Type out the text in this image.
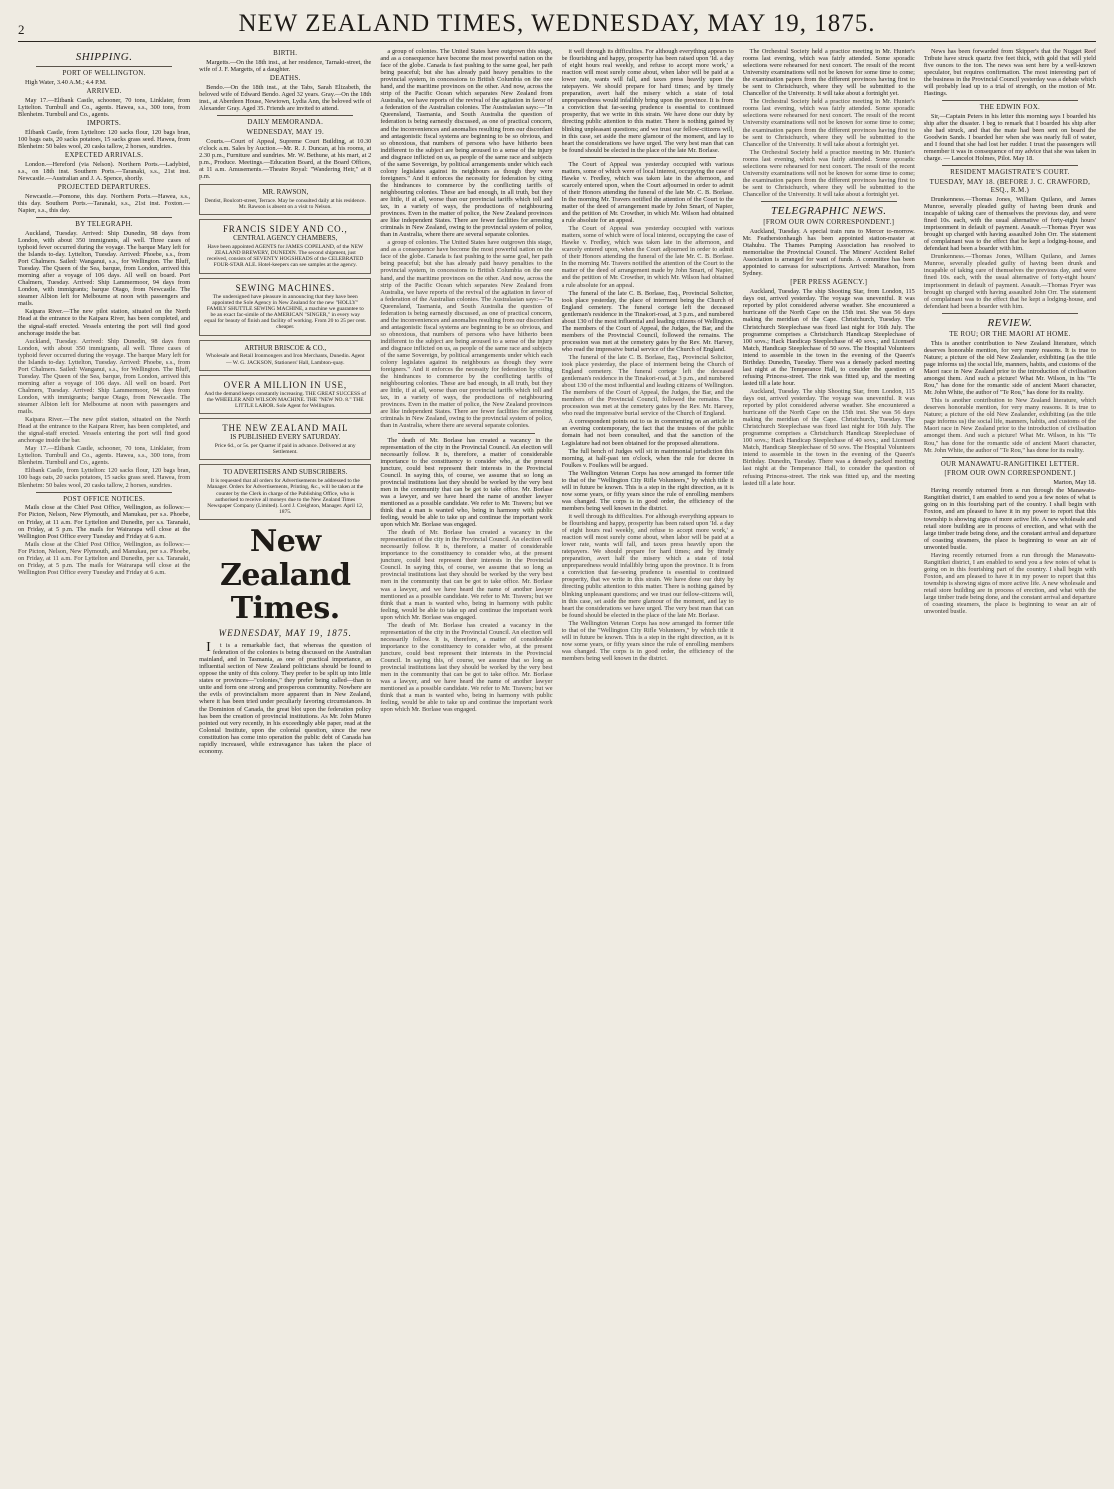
2	NEW ZEALAND TIMES, WEDNESDAY, MAY 19, 1875.
SHIPPING.
PORT OF WELLINGTON.

High Water, 3.40 A.M.; 4.4 P.M.

ARRIVED.

May 17.—Elibank Castle, schooner, 70 tons, Linklater, from Lyttelton. Turnbull and Co., agents. Hawea, s.s., 300 tons, from Blenheim. Turnbull and Co., agents.

IMPORTS.

Elibank Castle, from Lyttelton: 120 sacks flour, 120 bags bran, 100 bags oats, 20 sacks potatoes, 15 sacks grass seed. Hawea, from Blenheim: 50 bales wool, 20 casks tallow, 2 horses, sundries.

EXPECTED ARRIVALS.

London.—Hereford (via Nelson). Northern Ports.—Ladybird, s.s., on 18th inst. Southern Ports.—Taranaki, s.s., 21st inst. Newcastle.—Australian and J. A. Spence, shortly.

PROJECTED DEPARTURES.

Newcastle.—Pomone, this day. Northern Ports.—Hawea, s.s., this day. Southern Ports.—Taranaki, s.s., 21st inst. Foxton.—Napier, s.s., this day.

BY TELEGRAPH.

Auckland, Tuesday. Arrived: Ship Dunedin, 98 days from London, with about 350 immigrants, all well. Three cases of typhoid fever occurred during the voyage. The barque Mary left for the Islands to-day. Lyttelton, Tuesday. Arrived: Phoebe, s.s., from Port Chalmers. Sailed: Wanganui, s.s., for Wellington. The Bluff, Tuesday. The Queen of the Sea, barque, from London, arrived this morning after a voyage of 106 days. All well on board. Port Chalmers, Tuesday. Arrived: Ship Lammermoor, 94 days from London, with immigrants; barque Otago, from Newcastle. The steamer Albion left for Melbourne at noon with passengers and mails.

Kaipara River.—The new pilot station, situated on the North Head at the entrance to the Kaipara River, has been completed, and the signal-staff erected. Vessels entering the port will find good anchorage inside the bar.

Auckland, Tuesday. Arrived: Ship Dunedin, 98 days from London, with about 350 immigrants, all well. Three cases of typhoid fever occurred during the voyage. The barque Mary left for the Islands to-day. Lyttelton, Tuesday. Arrived: Phoebe, s.s., from Port Chalmers. Sailed: Wanganui, s.s., for Wellington. The Bluff, Tuesday. The Queen of the Sea, barque, from London, arrived this morning after a voyage of 106 days. All well on board. Port Chalmers, Tuesday. Arrived: Ship Lammermoor, 94 days from London, with immigrants; barque Otago, from Newcastle. The steamer Albion left for Melbourne at noon with passengers and mails.

Kaipara River.—The new pilot station, situated on the North Head at the entrance to the Kaipara River, has been completed, and the signal-staff erected. Vessels entering the port will find good anchorage inside the bar.

May 17.—Elibank Castle, schooner, 70 tons, Linklater, from Lyttelton. Turnbull and Co., agents. Hawea, s.s., 300 tons, from Blenheim. Turnbull and Co., agents.

Elibank Castle, from Lyttelton: 120 sacks flour, 120 bags bran, 100 bags oats, 20 sacks potatoes, 15 sacks grass seed. Hawea, from Blenheim: 50 bales wool, 20 casks tallow, 2 horses, sundries.

POST OFFICE NOTICES.

Mails close at the Chief Post Office, Wellington, as follows:— For Picton, Nelson, New Plymouth, and Manukau, per s.s. Phoebe, on Friday, at 11 a.m. For Lyttelton and Dunedin, per s.s. Taranaki, on Friday, at 5 p.m. The mails for Wairarapa will close at the Wellington Post Office every Tuesday and Friday at 6 a.m.

Mails close at the Chief Post Office, Wellington, as follows:— For Picton, Nelson, New Plymouth, and Manukau, per s.s. Phoebe, on Friday, at 11 a.m. For Lyttelton and Dunedin, per s.s. Taranaki, on Friday, at 5 p.m. The mails for Wairarapa will close at the Wellington Post Office every Tuesday and Friday at 6 a.m.

BIRTH.

Margetts.—On the 18th inst., at her residence, Tarnaki-street, the wife of J. F. Margetts, of a daughter.

DEATHS.

Bendo.—On the 18th inst., at the Tabs, Sarah Elizabeth, the beloved wife of Edward Bendo. Aged 32 years. Gray.—On the 18th inst., at Aberdeen House, Newtown, Lydia Ann, the beloved wife of Alexander Gray. Aged 35. Friends are invited to attend.

DAILY MEMORANDA.
WEDNESDAY, MAY 19.

Courts.—Court of Appeal, Supreme Court Building, at 10.30 o'clock a.m. Sales by Auction.—Mr. R. J. Duncan, at his rooms, at 2.30 p.m., Furniture and sundries. Mr. W. Bethune, at his mart, at 2 p.m., Produce. Meetings.—Education Board, at the Board Offices, at 11 a.m. Amusements.—Theatre Royal: "Wandering Heir," at 8 p.m.

MR. RAWSON,
Dentist, Boulcott-street, Terrace. May be consulted daily at his residence. Mr. Rawson is absent on a visit to Nelson.
FRANCIS SIDEY AND CO.,
CENTRAL AGENCY CHAMBERS,
Have been appointed AGENTS for JAMES COPELAND, of the NEW ZEALAND BREWERY, DUNEDIN. The second shipment, just received, consists of SEVENTY HOGSHEADS of the CELEBRATED FOUR-STAR ALE. Hotel-keepers can see samples at the agency.
SEWING MACHINES.
The undersigned have pleasure in announcing that they have been appointed the Sole Agency in New Zealand for the new "HOLLY" FAMILY SHUTTLE SEWING MACHINE, a machine we guarantee to be an exact fac-simile of the AMERICAN "SINGER," in every way equal for beauty of finish and facility of working. From 20 to 25 per cent. cheaper.
ARTHUR BRISCOE & CO.,
Wholesale and Retail Ironmongers and Iron Merchants, Dunedin. Agent — W. G. JACKSON, Stationers' Hall, Lambton-quay.
OVER A MILLION IN USE,
And the demand keeps constantly increasing. THE GREAT SUCCESS of the WHEELER AND WILSON MACHINE. THE "NEW NO. 8." THE LITTLE LABOR. Sole Agent for Wellington.
THE NEW ZEALAND MAIL
IS PUBLISHED EVERY SATURDAY.
Price 6d., or 5s. per Quarter if paid in advance. Delivered at any Settlement.
TO ADVERTISERS AND SUBSCRIBERS.
It is requested that all orders for Advertisements be addressed to the Manager. Orders for Advertisements, Printing, &c., will be taken at the counter by the Clerk in charge of the Publishing Office, who is authorised to receive all moneys due to the New Zealand Times Newspaper Company (Limited). Lord J. Creighton, Manager. April 12, 1875.
New Zealand Times.
WEDNESDAY, MAY 19, 1875.

It is a remarkable fact, that whereas the question of federation of the colonies is being discussed on the Australian mainland, and in Tasmania, as one of practical importance, an influential section of New Zealand politicians should be found to oppose the unity of this colony. They prefer to be split up into little states or provinces—"colonies," they prefer being called—than to unite and form one strong and prosperous community. Nowhere are the evils of provincialism more apparent than in New Zealand, where it has been tried under peculiarly favoring circumstances. In the Dominion of Canada, the great blot upon the federation policy has been the creation of provincial institutions. As Mr. John Munro pointed out very recently, in his exceedingly able paper, read at the Colonial Institute, upon the colonial question, since the new constitution has come into operation the public debt of Canada has rapidly increased, while extravagance has taken the place of economy.

a group of colonies. The United States have outgrown this stage, and as a consequence have become the most powerful nation on the face of the globe. Canada is fast pushing to the same goal, her path being peaceful; but she has already paid heavy penalties to the provincial system, in concessions to British Columbia on the one hand, and the maritime provinces on the other. And now, across the strip of the Pacific Ocean which separates New Zealand from Australia, we have reports of the revival of the agitation in favor of a federation of the Australian colonies. The Australasian says:—"In Queensland, Tasmania, and South Australia the question of federation is being earnestly discussed, as one of practical concern, and the inconveniences and anomalies resulting from our discordant and antagonistic fiscal systems are beginning to be so obvious, and so obnoxious, that numbers of persons who have hitherto been indifferent to the subject are being aroused to a sense of the injury and disgrace inflicted on us, as people of the same race and subjects of the same Sovereign, by political arrangements under which each colony legislates against its neighbours as though they were foreigners." And it enforces the necessity for federation by citing the hindrances to commerce by the conflicting tariffs of neighbouring colonies. These are bad enough, in all truth, but they are little, if at all, worse than our provincial tariffs which toll and tax, in a variety of ways, the productions of neighbouring provinces. Even in the matter of police, the New Zealand provinces are like independent States. There are fewer facilities for arresting criminals in New Zealand, owing to the provincial system of police, than in Australia, where there are several separate colonies.

a group of colonies. The United States have outgrown this stage, and as a consequence have become the most powerful nation on the face of the globe. Canada is fast pushing to the same goal, her path being peaceful; but she has already paid heavy penalties to the provincial system, in concessions to British Columbia on the one hand, and the maritime provinces on the other. And now, across the strip of the Pacific Ocean which separates New Zealand from Australia, we have reports of the revival of the agitation in favor of a federation of the Australian colonies. The Australasian says:—"In Queensland, Tasmania, and South Australia the question of federation is being earnestly discussed, as one of practical concern, and the inconveniences and anomalies resulting from our discordant and antagonistic fiscal systems are beginning to be so obvious, and so obnoxious, that numbers of persons who have hitherto been indifferent to the subject are being aroused to a sense of the injury and disgrace inflicted on us, as people of the same race and subjects of the same Sovereign, by political arrangements under which each colony legislates against its neighbours as though they were foreigners." And it enforces the necessity for federation by citing the hindrances to commerce by the conflicting tariffs of neighbouring colonies. These are bad enough, in all truth, but they are little, if at all, worse than our provincial tariffs which toll and tax, in a variety of ways, the productions of neighbouring provinces. Even in the matter of police, the New Zealand provinces are like independent States. There are fewer facilities for arresting criminals in New Zealand, owing to the provincial system of police, than in Australia, where there are several separate colonies.

The death of Mr. Borlase has created a vacancy in the representation of the city in the Provincial Council. An election will necessarily follow. It is, therefore, a matter of considerable importance to the constituency to consider who, at the present juncture, could best represent their interests in the Provincial Council. In saying this, of course, we assume that so long as provincial institutions last they should be worked by the very best men in the community that can be got to take office. Mr. Borlase was a lawyer, and we have heard the name of another lawyer mentioned as a possible candidate. We refer to Mr. Travers; but we think that a man is wanted who, being in harmony with public feeling, would be able to take up and continue the important work upon which Mr. Borlase was engaged.

The death of Mr. Borlase has created a vacancy in the representation of the city in the Provincial Council. An election will necessarily follow. It is, therefore, a matter of considerable importance to the constituency to consider who, at the present juncture, could best represent their interests in the Provincial Council. In saying this, of course, we assume that so long as provincial institutions last they should be worked by the very best men in the community that can be got to take office. Mr. Borlase was a lawyer, and we have heard the name of another lawyer mentioned as a possible candidate. We refer to Mr. Travers; but we think that a man is wanted who, being in harmony with public feeling, would be able to take up and continue the important work upon which Mr. Borlase was engaged.

The death of Mr. Borlase has created a vacancy in the representation of the city in the Provincial Council. An election will necessarily follow. It is, therefore, a matter of considerable importance to the constituency to consider who, at the present juncture, could best represent their interests in the Provincial Council. In saying this, of course, we assume that so long as provincial institutions last they should be worked by the very best men in the community that can be got to take office. Mr. Borlase was a lawyer, and we have heard the name of another lawyer mentioned as a possible candidate. We refer to Mr. Travers; but we think that a man is wanted who, being in harmony with public feeling, would be able to take up and continue the important work upon which Mr. Borlase was engaged.

it well through its difficulties. For although everything appears to be flourishing and happy, prosperity has been raised upon 'Id. a day of eight hours real weekly, and refuse to accept more work,' a reaction will most surely come about, when labor will be paid at a lower rate, wants will fall, and taxes press heavily upon the ratepayers. We should prepare for hard times; and by timely preparation, avert half the misery which a state of total unpreparedness would infallibly bring upon the province. It is from a conviction that far-seeing prudence is essential to continued prosperity, that we write in this strain. We have done our duty by directing public attention to this matter. There is nothing gained by blinking unpleasant questions; and we trust our fellow-citizens will, in this case, set aside the mere glamour of the moment, and lay to heart the considerations we have urged. The very best man that can be found should be elected in the place of the late Mr. Borlase.

The Court of Appeal was yesterday occupied with various matters, some of which were of local interest, occupying the case of Hawke v. Fredley, which was taken late in the afternoon, and scarcely entered upon, when the Court adjourned in order to admit of their Honors attending the funeral of the late Mr. C. B. Borlase. In the morning Mr. Travers notified the attention of the Court to the matter of the deed of arrangement made by John Smart, of Napier, and the petition of Mr. Crowther, in which Mr. Wilson had obtained a rule absolute for an appeal.

The Court of Appeal was yesterday occupied with various matters, some of which were of local interest, occupying the case of Hawke v. Fredley, which was taken late in the afternoon, and scarcely entered upon, when the Court adjourned in order to admit of their Honors attending the funeral of the late Mr. C. B. Borlase. In the morning Mr. Travers notified the attention of the Court to the matter of the deed of arrangement made by John Smart, of Napier, and the petition of Mr. Crowther, in which Mr. Wilson had obtained a rule absolute for an appeal.

The funeral of the late C. B. Borlase, Esq., Provincial Solicitor, took place yesterday, the place of interment being the Church of England cemetery. The funeral cortege left the deceased gentleman's residence in the Tinakori-road, at 3 p.m., and numbered about 130 of the most influential and leading citizens of Wellington. The members of the Court of Appeal, the Judges, the Bar, and the members of the Provincial Council, followed the remains. The procession was met at the cemetery gates by the Rev. Mr. Harvey, who read the impressive burial service of the Church of England.

The funeral of the late C. B. Borlase, Esq., Provincial Solicitor, took place yesterday, the place of interment being the Church of England cemetery. The funeral cortege left the deceased gentleman's residence in the Tinakori-road, at 3 p.m., and numbered about 130 of the most influential and leading citizens of Wellington. The members of the Court of Appeal, the Judges, the Bar, and the members of the Provincial Council, followed the remains. The procession was met at the cemetery gates by the Rev. Mr. Harvey, who read the impressive burial service of the Church of England.

A correspondent points out to us in commenting on an article in an evening contemporary, the fact that the trustees of the public domain had not been consulted, and that the sanction of the Legislature had not been obtained for the proposed alterations.

The full bench of Judges will sit in matrimonial jurisdiction this morning, at half-past ten o'clock, when the rule for decree in Foulkes v. Foulkes will be argued.

The Wellington Veteran Corps has now arranged its former title to that of the "Wellington City Rifle Volunteers," by which title it will in future be known. This is a step in the right direction, as it is now some years, or fifty years since the rule of enrolling members was changed. The corps is in good order, the efficiency of the members being well known in the district.

it well through its difficulties. For although everything appears to be flourishing and happy, prosperity has been raised upon 'Id. a day of eight hours real weekly, and refuse to accept more work,' a reaction will most surely come about, when labor will be paid at a lower rate, wants will fall, and taxes press heavily upon the ratepayers. We should prepare for hard times; and by timely preparation, avert half the misery which a state of total unpreparedness would infallibly bring upon the province. It is from a conviction that far-seeing prudence is essential to continued prosperity, that we write in this strain. We have done our duty by directing public attention to this matter. There is nothing gained by blinking unpleasant questions; and we trust our fellow-citizens will, in this case, set aside the mere glamour of the moment, and lay to heart the considerations we have urged. The very best man that can be found should be elected in the place of the late Mr. Borlase.

The Wellington Veteran Corps has now arranged its former title to that of the "Wellington City Rifle Volunteers," by which title it will in future be known. This is a step in the right direction, as it is now some years, or fifty years since the rule of enrolling members was changed. The corps is in good order, the efficiency of the members being well known in the district.

The Orchestral Society held a practice meeting in Mr. Hunter's rooms last evening, which was fairly attended. Some sporadic selections were rehearsed for next concert. The result of the recent University examinations will not be known for some time to come; the examination papers from the different provinces having first to be sent to Christchurch, where they will be submitted to the Chancellor of the University. It will take about a fortnight yet.

The Orchestral Society held a practice meeting in Mr. Hunter's rooms last evening, which was fairly attended. Some sporadic selections were rehearsed for next concert. The result of the recent University examinations will not be known for some time to come; the examination papers from the different provinces having first to be sent to Christchurch, where they will be submitted to the Chancellor of the University. It will take about a fortnight yet.

The Orchestral Society held a practice meeting in Mr. Hunter's rooms last evening, which was fairly attended. Some sporadic selections were rehearsed for next concert. The result of the recent University examinations will not be known for some time to come; the examination papers from the different provinces having first to be sent to Christchurch, where they will be submitted to the Chancellor of the University. It will take about a fortnight yet.

TELEGRAPHIC NEWS.
[FROM OUR OWN CORRESPONDENT.]

Auckland, Tuesday. A special train runs to Mercer to-morrow. Mr. Featherstonhaugh has been appointed station-master at Otahuhu. The Thames Pumping Association has resolved to memorialise the Provincial Council. The Miners' Accident Relief Association is arranged for want of funds. A committee has been appointed to canvass for subscriptions. Arrived: Marathon, from Sydney.

[PER PRESS AGENCY.]

Auckland, Tuesday. The ship Shooting Star, from London, 115 days out, arrived yesterday. The voyage was uneventful. It was reported by pilot considered adverse weather. She encountered a hurricane off the North Cape on the 15th inst. She was 56 days making the meridian of the Cape. Christchurch, Tuesday. The Christchurch Steeplechase was fixed last night for 16th July. The programme comprises a Christchurch Handicap Steeplechase of 100 sovs.; Hack Handicap Steeplechase of 40 sovs.; and Licensed Match, Handicap Steeplechase of 50 sovs. The Hospital Volunteers intend to assemble in the town in the evening of the Queen's Birthday. Dunedin, Tuesday. There was a densely packed meeting last night at the Temperance Hall, to consider the question of refusing Princess-street. The rink was fitted up, and the meeting lasted till a late hour.

Auckland, Tuesday. The ship Shooting Star, from London, 115 days out, arrived yesterday. The voyage was uneventful. It was reported by pilot considered adverse weather. She encountered a hurricane off the North Cape on the 15th inst. She was 56 days making the meridian of the Cape. Christchurch, Tuesday. The Christchurch Steeplechase was fixed last night for 16th July. The programme comprises a Christchurch Handicap Steeplechase of 100 sovs.; Hack Handicap Steeplechase of 40 sovs.; and Licensed Match, Handicap Steeplechase of 50 sovs. The Hospital Volunteers intend to assemble in the town in the evening of the Queen's Birthday. Dunedin, Tuesday. There was a densely packed meeting last night at the Temperance Hall, to consider the question of refusing Princess-street. The rink was fitted up, and the meeting lasted till a late hour.

News has been forwarded from Skipper's that the Nugget Reef Tribute have struck quartz five feet thick, with gold that will yield five ounces to the ton. The news was sent here by a well-known speculator, but requires confirmation. The most interesting part of the business in the Provincial Council yesterday was a debate which will probably lead up to a trial of strength, on the motion of Mr. Hastings.

THE EDWIN FOX.

Sir,—Captain Peters in his letter this morning says I boarded his ship after the disaster. I beg to remark that I boarded his ship after she had struck, and that the mate had been sent on board the Goodwin Sands. I boarded her when she was nearly full of water, and I found that she had lost her rudder. I trust the passengers will remember it was in consequence of my advice that she was taken in charge. — Lancelot Holmes, Pilot. May 18.

RESIDENT MAGISTRATE'S COURT.
TUESDAY, MAY 18. (BEFORE J. C. CRAWFORD, ESQ., R.M.)

Drunkenness.—Thomas Jones, William Quilano, and James Munroe, severally pleaded guilty of having been drunk and incapable of taking care of themselves the previous day, and were fined 10s. each, with the usual alternative of forty-eight hours' imprisonment in default of payment. Assault.—Thomas Fryer was brought up charged with having assaulted John Orr. The statement of complainant was to the effect that he kept a lodging-house, and defendant had been a boarder with him.

Drunkenness.—Thomas Jones, William Quilano, and James Munroe, severally pleaded guilty of having been drunk and incapable of taking care of themselves the previous day, and were fined 10s. each, with the usual alternative of forty-eight hours' imprisonment in default of payment. Assault.—Thomas Fryer was brought up charged with having assaulted John Orr. The statement of complainant was to the effect that he kept a lodging-house, and defendant had been a boarder with him.

REVIEW.
TE ROU; OR THE MAORI AT HOME.

This is another contribution to New Zealand literature, which deserves honorable mention, for very many reasons. It is true to Nature; a picture of the old New Zealander, exhibiting (as the title page informs us) the social life, manners, habits, and customs of the Maori race in New Zealand prior to the introduction of civilisation amongst them. And such a picture! What Mr. Wilson, in his "Te Rou," has done for the romantic side of ancient Maori character, Mr. John White, the author of "Te Rou," has done for its reality.

This is another contribution to New Zealand literature, which deserves honorable mention, for very many reasons. It is true to Nature; a picture of the old New Zealander, exhibiting (as the title page informs us) the social life, manners, habits, and customs of the Maori race in New Zealand prior to the introduction of civilisation amongst them. And such a picture! What Mr. Wilson, in his "Te Rou," has done for the romantic side of ancient Maori character, Mr. John White, the author of "Te Rou," has done for its reality.

OUR MANAWATU-RANGITIKEI LETTER.
[FROM OUR OWN CORRESPONDENT.]

Marton, May 18.

Having recently returned from a run through the Manawatu-Rangitikei district, I am enabled to send you a few notes of what is going on in this fourishing part of the country. I shall begin with Foxton, and am pleased to have it in my power to report that this township is showing signs of more active life. A new wholesale and retail store building are in process of erection, and what with the large timber trade being done, and the constant arrival and departure of coasting steamers, the place is beginning to wear an air of unwonted bustle.

Having recently returned from a run through the Manawatu-Rangitikei district, I am enabled to send you a few notes of what is going on in this fourishing part of the country. I shall begin with Foxton, and am pleased to have it in my power to report that this township is showing signs of more active life. A new wholesale and retail store building are in process of erection, and what with the large timber trade being done, and the constant arrival and departure of coasting steamers, the place is beginning to wear an air of unwonted bustle.
